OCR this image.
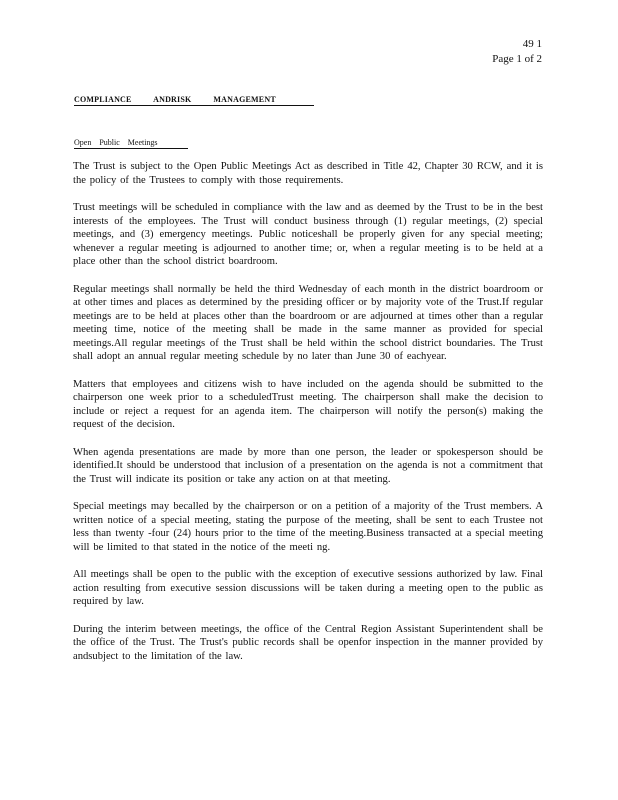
49 1
Page 1 of 2
COMPLIANCE          ANDRISK          MANAGEMENT
Open    Public    Meetings

The Trust is subject to the Open Public Meetings Act as described in Title 42, Chapter 30 RCW, and it is the policy of the Trustees to comply with those requirements.

Trust meetings will be scheduled in compliance with the law and as deemed by the Trust to be in the best interests of the employees. The Trust will conduct business through (1) regular meetings, (2) special meetings, and (3) emergency meetings. Public noticeshall be properly given for any special meeting; whenever a regular meeting is adjourned to another time; or, when a regular meeting is to be held at a place other than the school district boardroom.

Regular meetings shall normally be held the third Wednesday of each month in the district boardroom or at other times and places as determined by the presiding officer or by majority vote of the Trust.If regular meetings are to be held at places other than the boardroom or are adjourned at times other than a regular meeting time, notice of the meeting shall be made in the same manner as provided for special meetings.All regular meetings of the Trust shall be held within the school district boundaries. The Trust shall adopt an annual regular meeting schedule by no later than June 30 of eachyear.

Matters that employees and citizens wish to have included on the agenda should be submitted to the chairperson one week prior to a scheduledTrust meeting. The chairperson shall make the decision to include or reject a request for an agenda item. The chairperson will notify the person(s) making the request of the decision.

When agenda presentations are made by more than one person, the leader or spokesperson should be identified.It should be understood that inclusion of a presentation on the agenda is not a commitment that the Trust will indicate its position or take any action on at that meeting.

Special meetings may becalled by the chairperson or on a petition of a majority of the Trust members. A written notice of a special meeting, stating the purpose of the meeting, shall be sent to each Trustee not less than twenty -four (24) hours prior to the time of the meeting.Business transacted at a special meeting will be limited to that stated in the notice of the meeti ng.

All meetings shall be open to the public with the exception of executive sessions authorized by law. Final action resulting from executive session discussions will be taken during a meeting open to the public as required by law.

During the interim between meetings, the office of the Central Region Assistant Superintendent shall be the office of the Trust. The Trust's public records shall be openfor inspection in the manner provided by andsubject to the limitation of the law.
